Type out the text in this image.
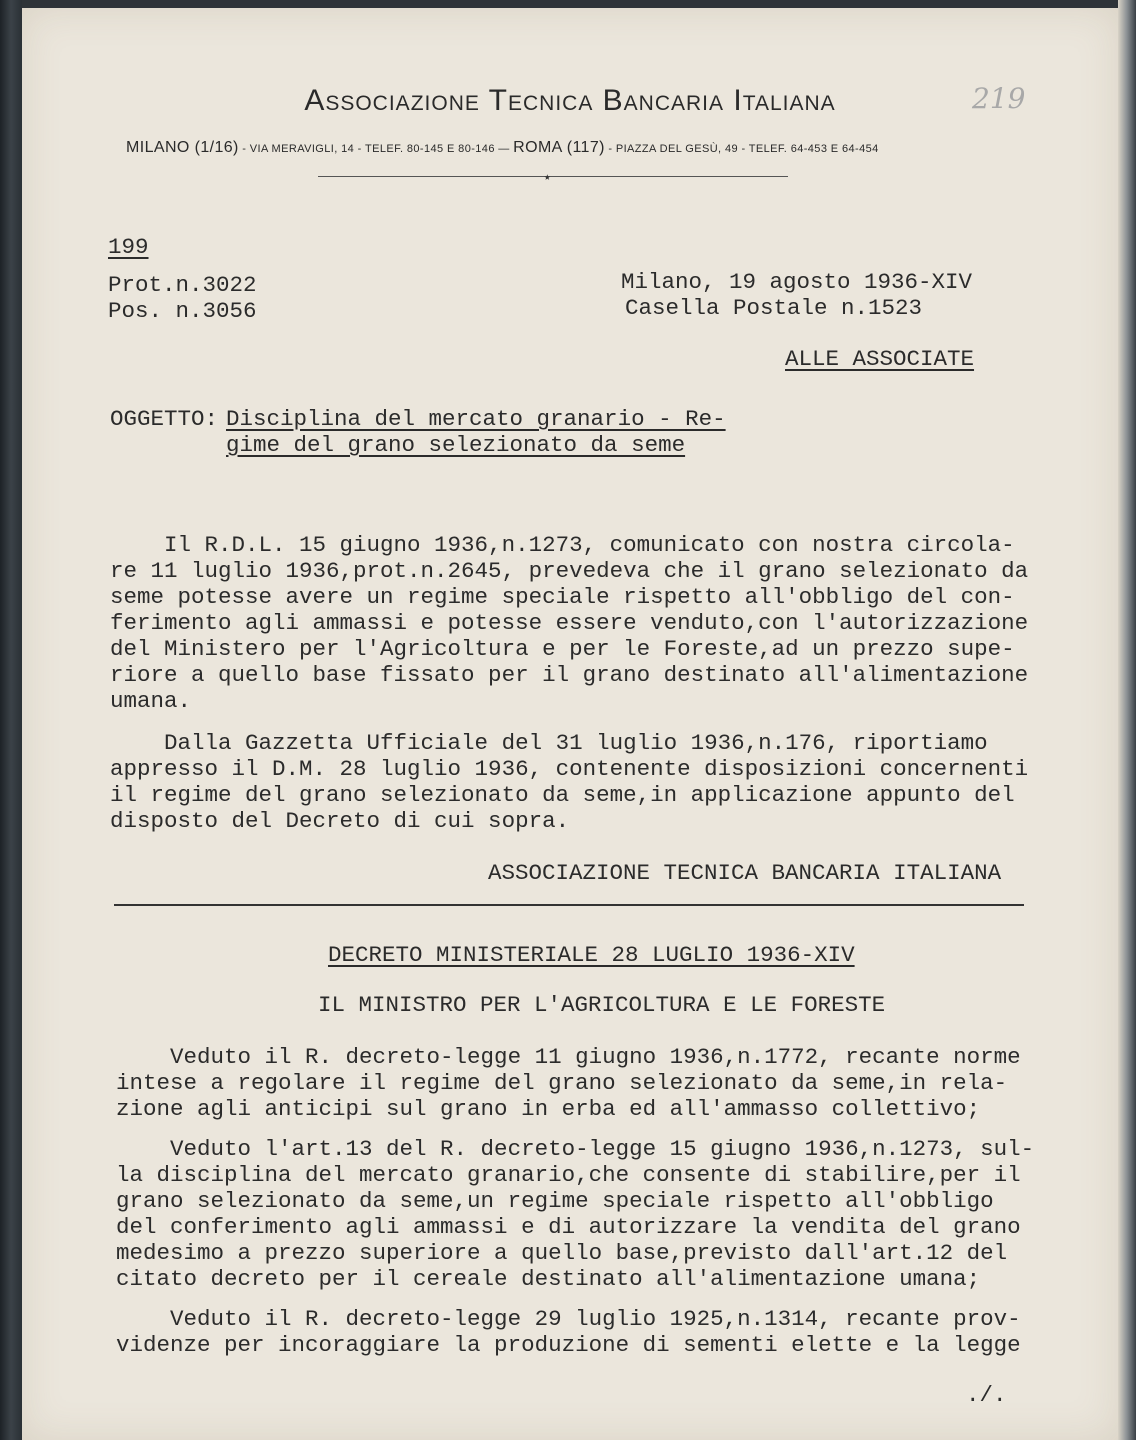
219
Associazione Tecnica Bancaria Italiana
MILANO (1/16) - VIA MERAVIGLI, 14 - TELEF. 80-145 E 80-146 — ROMA (117) - PIAZZA DEL GESÙ, 49 - TELEF. 64-453 E 64-454
★
199
Prot.n.3022
Pos. n.3056
Milano, 19 agosto 1936-XIV
Casella Postale n.1523
ALLE ASSOCIATE
OGGETTO: Disciplina del mercato granario - Re-
gime del grano selezionato da seme
Il R.D.L. 15 giugno 1936,n.1273, comunicato con nostra circola-
re 11 luglio 1936,prot.n.2645, prevedeva che il grano selezionato da
seme potesse avere un regime speciale rispetto all'obbligo del con-
ferimento agli ammassi e potesse essere venduto,con l'autorizzazione
del Ministero per l'Agricoltura e per le Foreste,ad un prezzo supe-
riore a quello base fissato per il grano destinato all'alimentazione
umana.
Dalla Gazzetta Ufficiale del 31 luglio 1936,n.176, riportiamo
appresso il D.M. 28 luglio 1936, contenente disposizioni concernenti
il regime del grano selezionato da seme,in applicazione appunto del
disposto del Decreto di cui sopra.
ASSOCIAZIONE TECNICA BANCARIA ITALIANA
DECRETO MINISTERIALE 28 LUGLIO 1936-XIV
IL MINISTRO PER L'AGRICOLTURA E LE FORESTE
Veduto il R. decreto-legge 11 giugno 1936,n.1772, recante norme
intese a regolare il regime del grano selezionato da seme,in rela-
zione agli anticipi sul grano in erba ed all'ammasso collettivo;
Veduto l'art.13 del R. decreto-legge 15 giugno 1936,n.1273, sul-
la disciplina del mercato granario,che consente di stabilire,per il
grano selezionato da seme,un regime speciale rispetto all'obbligo
del conferimento agli ammassi e di autorizzare la vendita del grano
medesimo a prezzo superiore a quello base,previsto dall'art.12 del
citato decreto per il cereale destinato all'alimentazione umana;
Veduto il R. decreto-legge 29 luglio 1925,n.1314, recante prov-
videnze per incoraggiare la produzione di sementi elette e la legge
./.
